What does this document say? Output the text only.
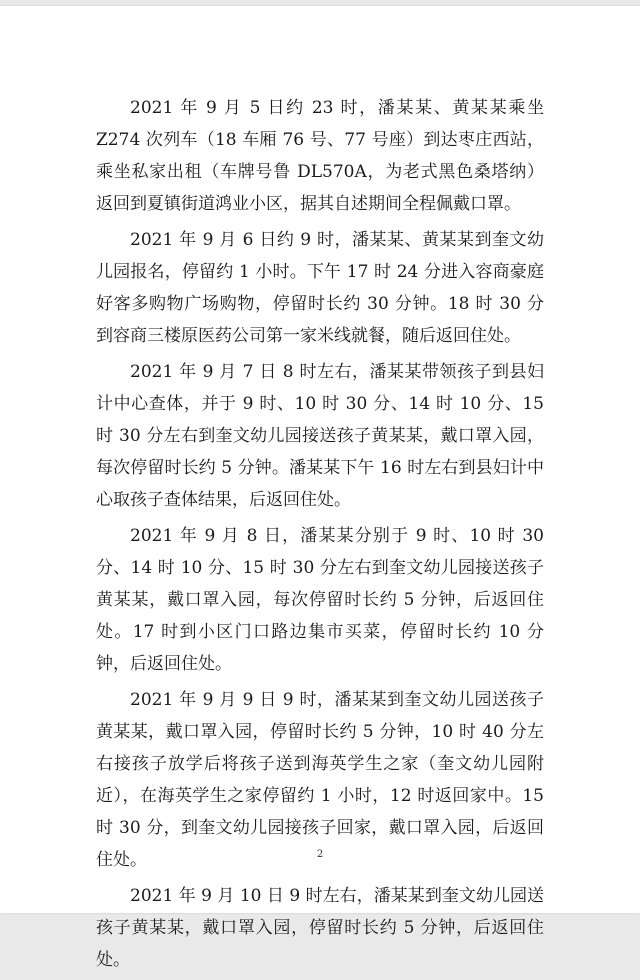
2021 年 9 月 5 日约 23 时，潘某某、黄某某乘坐 Z274 次列车（18 车厢 76 号、77 号座）到达枣庄西站，乘坐私家出租（车牌号鲁 DL570A，为老式黑色桑塔纳）返回到夏镇街道鸿业小区，据其自述期间全程佩戴口罩。

2021 年 9 月 6 日约 9 时，潘某某、黄某某到奎文幼儿园报名，停留约 1 小时。下午 17 时 24 分进入容商豪庭好客多购物广场购物，停留时长约 30 分钟。18 时 30 分到容商三楼原医药公司第一家米线就餐，随后返回住处。

2021 年 9 月 7 日 8 时左右，潘某某带领孩子到县妇计中心查体，并于 9 时、10 时 30 分、14 时 10 分、15 时 30 分左右到奎文幼儿园接送孩子黄某某，戴口罩入园，每次停留时长约 5 分钟。潘某某下午 16 时左右到县妇计中心取孩子查体结果，后返回住处。

2021 年 9 月 8 日，潘某某分别于 9 时、10 时 30 分、14 时 10 分、15 时 30 分左右到奎文幼儿园接送孩子黄某某，戴口罩入园，每次停留时长约 5 分钟，后返回住处。17 时到小区门口路边集市买菜，停留时长约 10 分钟，后返回住处。

2021 年 9 月 9 日 9 时，潘某某到奎文幼儿园送孩子黄某某，戴口罩入园，停留时长约 5 分钟，10 时 40 分左右接孩子放学后将孩子送到海英学生之家（奎文幼儿园附近），在海英学生之家停留约 1 小时，12 时返回家中。15 时 30 分，到奎文幼儿园接孩子回家，戴口罩入园，后返回住处。

2021 年 9 月 10 日 9 时左右，潘某某到奎文幼儿园送孩子黄某某，戴口罩入园，停留时长约 5 分钟，后返回住处。

2
